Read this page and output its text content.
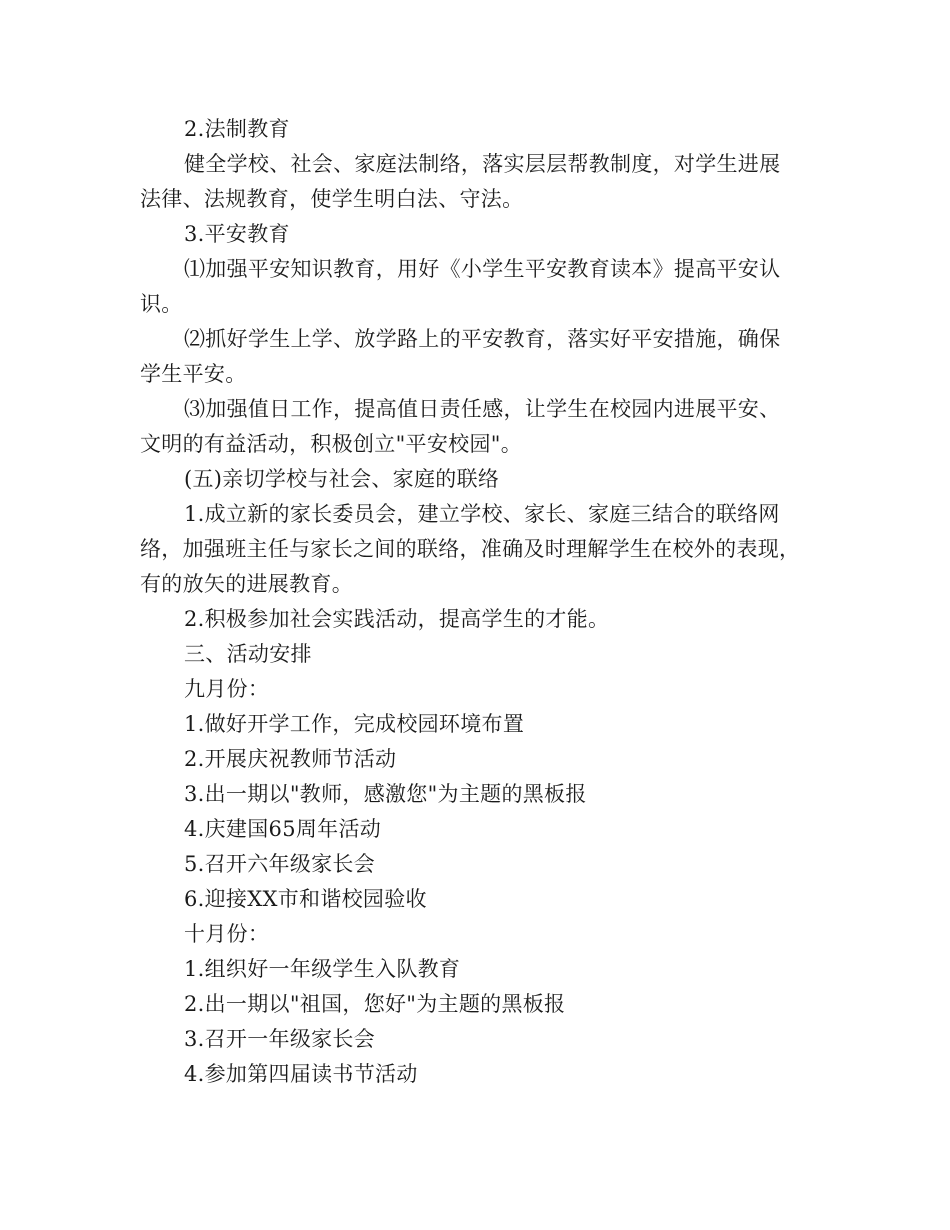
2.法制教育

健全学校、社会、家庭法制络，落实层层帮教制度，对学生进展

法律、法规教育，使学生明白法、守法。

3.平安教育

⑴加强平安知识教育，用好《小学生平安教育读本》提高平安认

识。

⑵抓好学生上学、放学路上的平安教育，落实好平安措施，确保

学生平安。

⑶加强值日工作，提高值日责任感，让学生在校园内进展平安、

文明的有益活动，积极创立"平安校园"。

(五)亲切学校与社会、家庭的联络

1.成立新的家长委员会，建立学校、家长、家庭三结合的联络网

络，加强班主任与家长之间的联络，准确及时理解学生在校外的表现，

有的放矢的进展教育。

2.积极参加社会实践活动，提高学生的才能。

三、活动安排

九月份：

1.做好开学工作，完成校园环境布置

2.开展庆祝教师节活动

3.出一期以"教师，感激您"为主题的黑板报

4.庆建国65周年活动

5.召开六年级家长会

6.迎接XX市和谐校园验收

十月份：

1.组织好一年级学生入队教育

2.出一期以"祖国，您好"为主题的黑板报

3.召开一年级家长会

4.参加第四届读书节活动
